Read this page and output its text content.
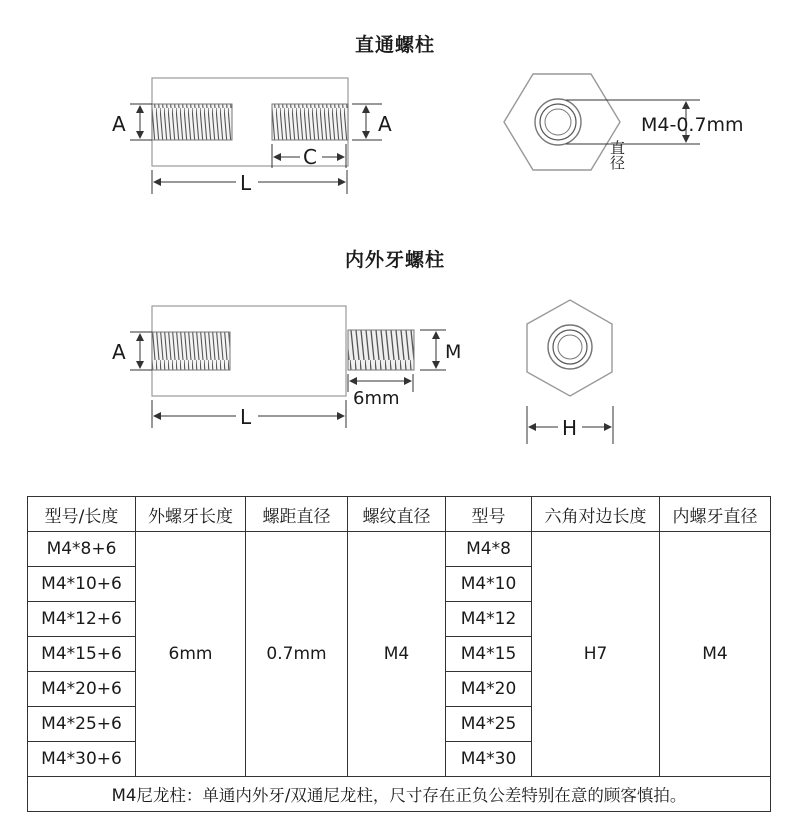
直通螺柱
内外牙螺柱
A	A
C
L
直径
M4-0.7mm
A	M
6mm
L	H
型号/长度	外螺牙长度	螺距直径	螺纹直径	型号	六角对边长度	内螺牙直径
M4*8+6	6mm	0.7mm	M4	M4*8	H7	M4
M4*10+6				M4*10		
M4*12+6				M4*12		
M4*15+6				M4*15		
M4*20+6				M4*20		
M4*25+6				M4*25		
M4*30+6				M4*30		
M4尼龙柱：单通内外牙/双通尼龙柱，尺寸存在正负公差特别在意的顾客慎拍。						
